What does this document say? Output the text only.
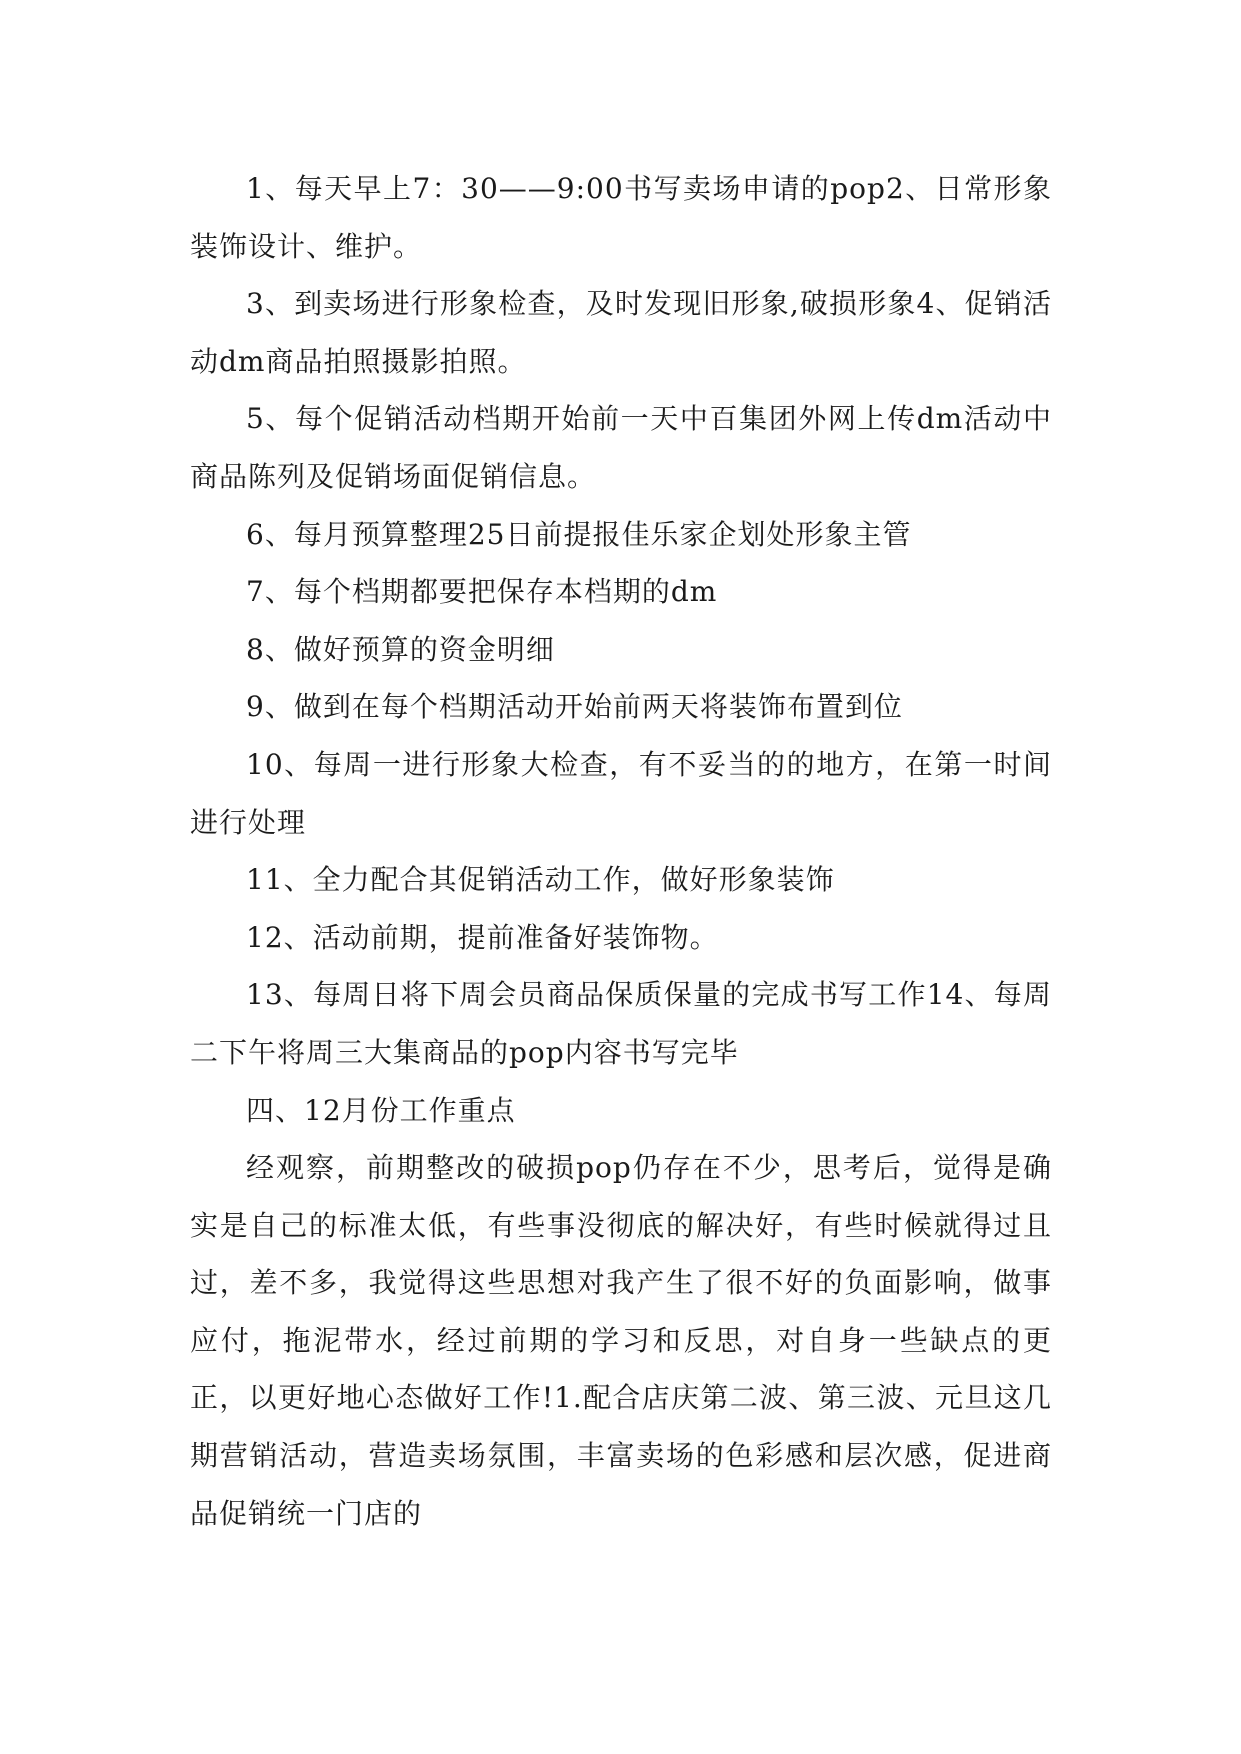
1、每天早上7：30——9:00书写卖场申请的pop2、日常形象装饰设计、维护。

3、到卖场进行形象检查，及时发现旧形象,破损形象4、促销活动dm商品拍照摄影拍照。

5、每个促销活动档期开始前一天中百集团外网上传dm活动中商品陈列及促销场面促销信息。

6、每月预算整理25日前提报佳乐家企划处形象主管

7、每个档期都要把保存本档期的dm

8、做好预算的资金明细

9、做到在每个档期活动开始前两天将装饰布置到位

10、每周一进行形象大检查，有不妥当的的地方，在第一时间进行处理

11、全力配合其促销活动工作，做好形象装饰

12、活动前期，提前准备好装饰物。

13、每周日将下周会员商品保质保量的完成书写工作14、每周二下午将周三大集商品的pop内容书写完毕

四、12月份工作重点

经观察，前期整改的破损pop仍存在不少，思考后，觉得是确实是自己的标准太低，有些事没彻底的解决好，有些时候就得过且过，差不多，我觉得这些思想对我产生了很不好的负面影响，做事应付，拖泥带水，经过前期的学习和反思，对自身一些缺点的更正，以更好地心态做好工作!1.配合店庆第二波、第三波、元旦这几期营销活动，营造卖场氛围，丰富卖场的色彩感和层次感，促进商品促销统一门店的
